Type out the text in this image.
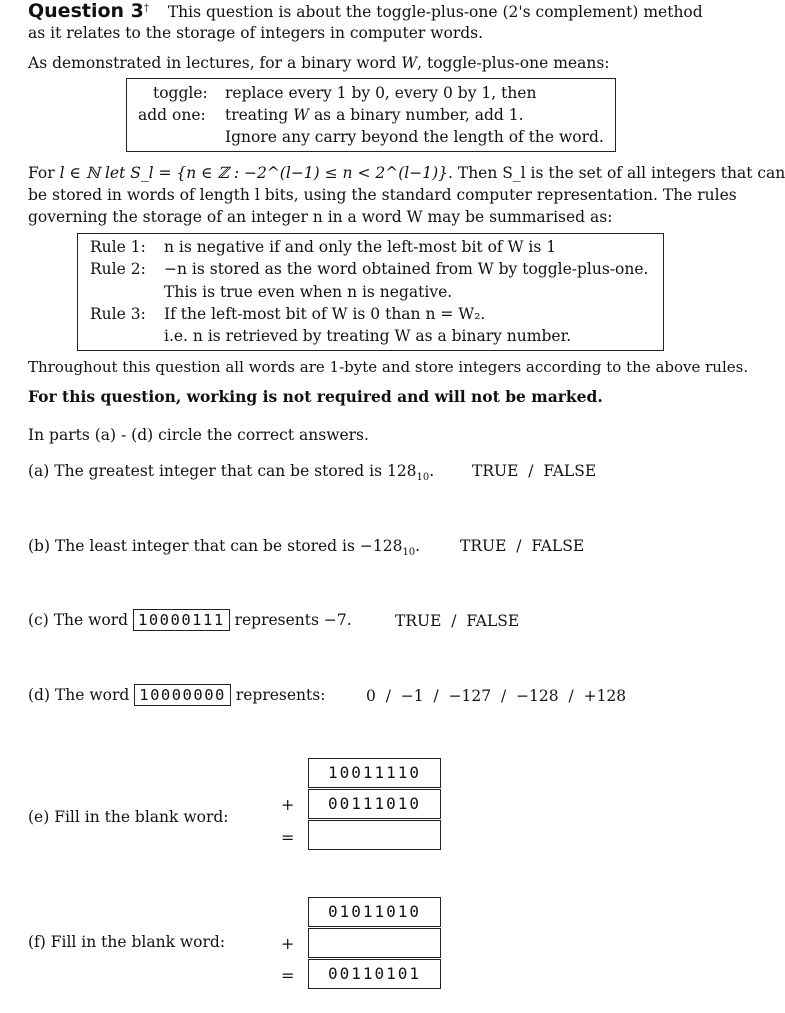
Question 3† This question is about the toggle-plus-one (2's complement) method
as it relates to the storage of integers in computer words.
As demonstrated in lectures, for a binary word W, toggle-plus-one means:
toggle: replace every 1 by 0, every 0 by 1, then
add one: treating W as a binary number, add 1.
Ignore any carry beyond the length of the word.
For l ∈ ℕ let S_l = {n ∈ ℤ : −2^(l−1) ≤ n < 2^(l−1)}. Then S_l is the set of all integers that can
be stored in words of length l bits, using the standard computer representation. The rules
governing the storage of an integer n in a word W may be summarised as:
Rule 1: n is negative if and only the left-most bit of W is 1
Rule 2: −n is stored as the word obtained from W by toggle-plus-one.
This is true even when n is negative.
Rule 3: If the left-most bit of W is 0 than n = W₂.
i.e. n is retrieved by treating W as a binary number.
Throughout this question all words are 1-byte and store integers according to the above rules.
For this question, working is not required and will not be marked.
In parts (a) - (d) circle the correct answers.
(a) The greatest integer that can be stored is $128_{10}$. TRUE  /  FALSE
(b) The least integer that can be stored is $-128_{10}$.	TRUE  /  FALSE
(c) The word 10000111 represents −7.	TRUE  /  FALSE
(d) The word 10000000 represents:	0  /  −1  /  −127  /  −128  /  +128
(e) Fill in the blank word:
10011110
+	00111010
=
(f) Fill in the blank word:
01011010
+
=	00110101
